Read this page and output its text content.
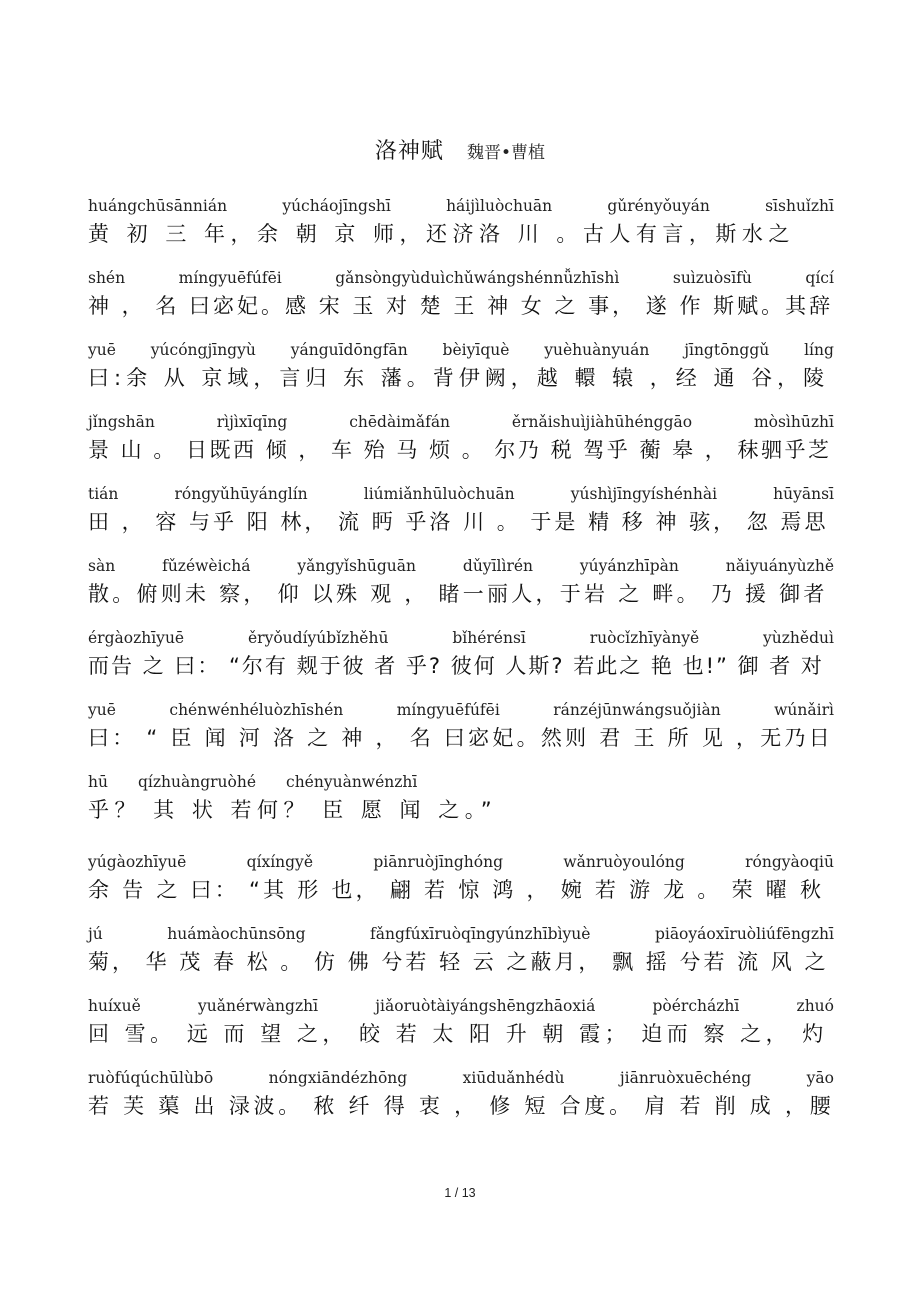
洛神赋 魏晋•曹植
huángchūsānnián	yúcháojīngshī	háijìluòchuān	gǔrényǒuyán	sīshuǐzhī
黄 初 三 年，余 朝 京 师，还济洛 川 。古人有言，斯水之
shén	míngyuēfúfēi	gǎnsòngyùduìchǔwángshénnǚzhīshì	suìzuòsīfù	qící
神 ， 名 曰宓妃。感 宋 玉 对 楚 王 神 女 之 事， 遂 作 斯赋。其辞
yuē yúcóngjīngyù yánguīdōngfān bèiyīquè yuèhuànyuán jīngtōnggǔ líng
曰:余 从 京域，言归 东 藩。背伊阙，越 轘 辕 ，经 通 谷，陵
jǐngshān	rìjìxīqīng	chēdàimǎfán	ěrnǎishuìjiàhūhénggāo	mòsìhūzhī
景 山 。 日既西 倾 ， 车 殆 马 烦 。 尔乃 税 驾乎 蘅 皋 ， 秣驷乎芝
tián	róngyǔhūyánglín	liúmiǎnhūluòchuān	yúshìjīngyíshénhài	hūyānsī
田 ， 容 与乎 阳 林， 流 眄 乎洛 川 。 于是 精 移 神 骇， 忽 焉思
sàn	fǔzéwèichá	yǎngyǐshūguān	dǔyīlìrén	yúyánzhīpàn	nǎiyuányùzhě
散。俯则未 察， 仰 以殊 观 ， 睹一丽人，于岩 之 畔。 乃 援 御者
érgàozhīyuē	ěryǒudíyúbǐzhěhū	bǐhérénsī	ruòcǐzhīyànyě	yùzhěduì
而告 之 曰： “尔有 觌于彼 者 乎? 彼何 人斯? 若此之 艳 也!” 御 者 对
yuē	chénwénhéluòzhīshén	míngyuēfúfēi	ránzéjūnwángsuǒjiàn	wúnǎirì
曰： “ 臣 闻 河 洛 之 神 ， 名 曰宓妃。然则 君 王 所 见 ，无乃日
hū qízhuàngruòhé chényuànwénzhī
乎？ 其 状 若何？ 臣 愿 闻 之。”
yúgàozhīyuē	qíxíngyě	piānruòjīnghóng	wǎnruòyoulóng	róngyàoqiū
余 告 之 曰： “其 形 也， 翩 若 惊 鸿 ， 婉 若 游 龙 。 荣 曜 秋
jú	huámàochūnsōng	fǎngfúxīruòqīngyúnzhībìyuè	piāoyáoxīruòliúfēngzhī
菊， 华 茂 春 松 。 仿 佛 兮若 轻 云 之蔽月， 飘 摇 兮若 流 风 之
huíxuě	yuǎnérwàngzhī	jiǎoruòtàiyángshēngzhāoxiá	pòércházhī	zhuó
回 雪。 远 而 望 之， 皎 若 太 阳 升 朝 霞； 迫而 察 之， 灼
ruòfúqúchūlùbō	nóngxiāndézhōng	xiūduǎnhédù	jiānruòxuēchéng	yāo
若 芙 蕖 出 渌波。 秾 纤 得 衷 ， 修 短 合度。 肩 若 削 成 ，腰
1 / 13
